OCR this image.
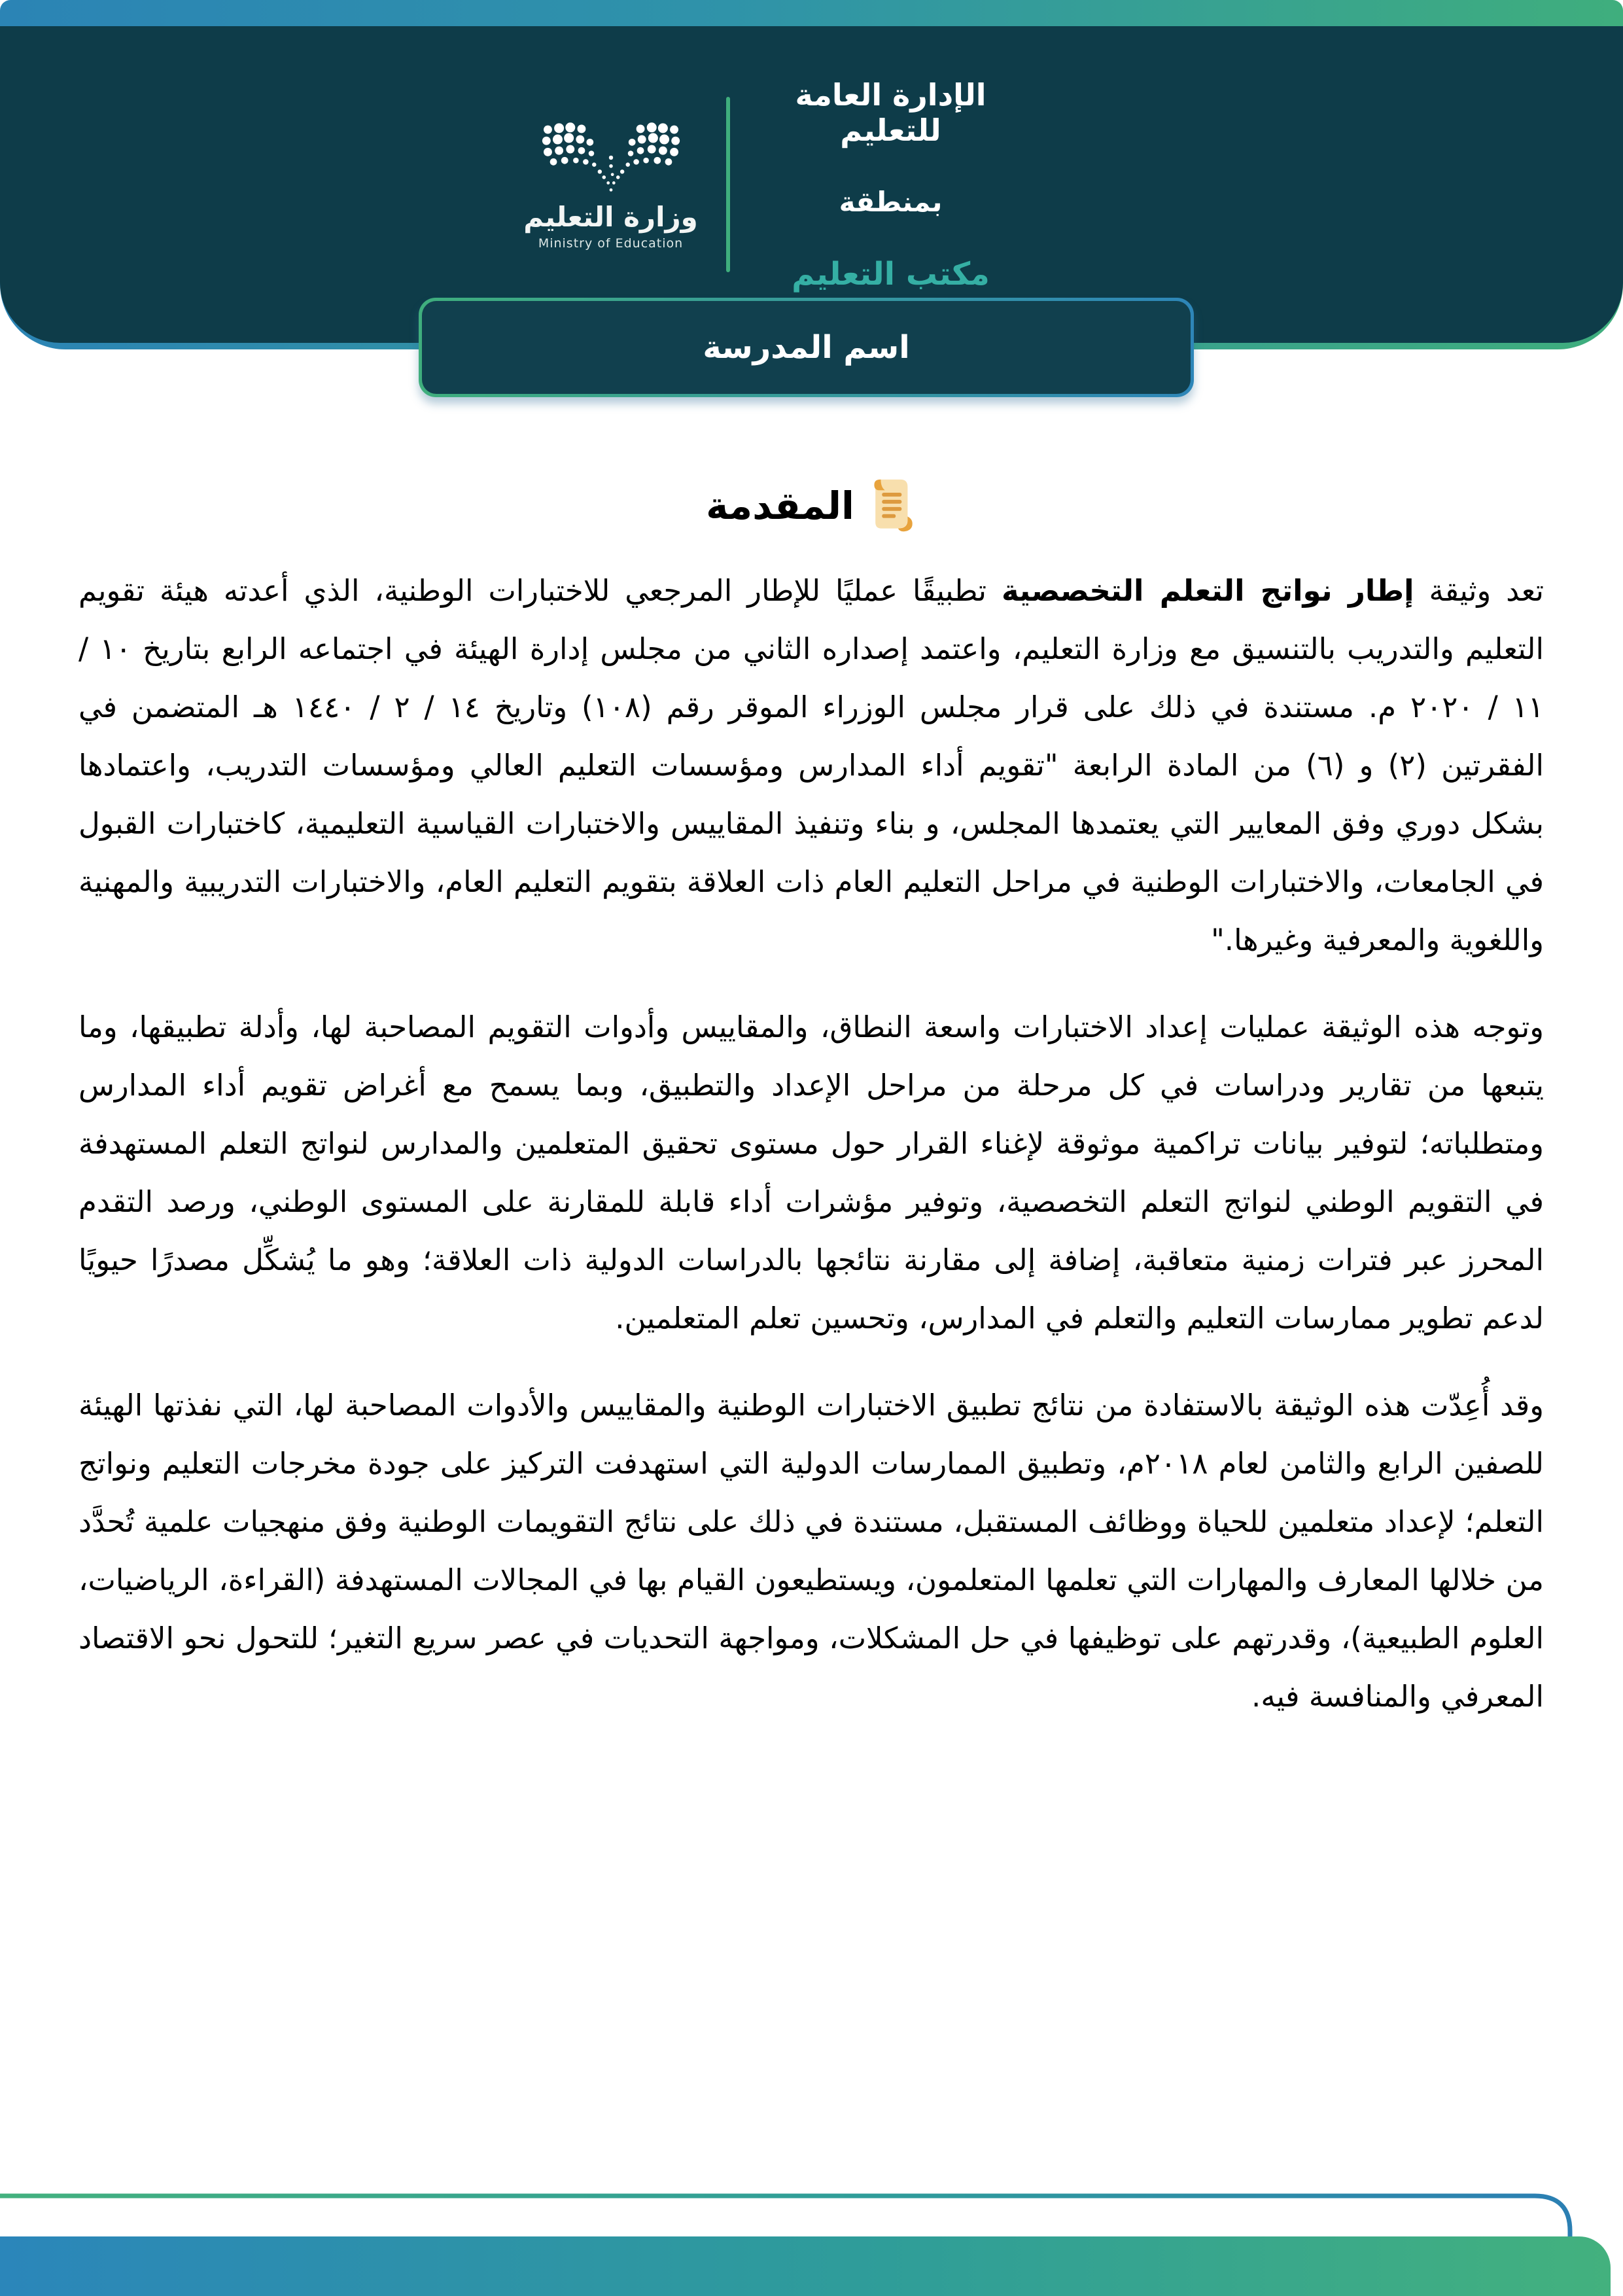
الإدارة العامة للتعليم
بمنطقة
مكتب التعليم
وزارة التعليم
Ministry of Education
اسم المدرسة
المقدمة

تعد وثيقة إطار نواتج التعلم التخصصية تطبيقًا عمليًا للإطار المرجعي للاختبارات الوطنية، الذي أعدته هيئة تقويم التعليم والتدريب بالتنسيق مع وزارة التعليم، واعتمد إصداره الثاني من مجلس إدارة الهيئة في اجتماعه الرابع بتاريخ ١٠ / ١١ / ٢٠٢٠ م. مستندة في ذلك على قرار مجلس الوزراء الموقر رقم (١٠٨) وتاريخ ١٤ / ٢ / ١٤٤٠ هـ المتضمن في الفقرتين (٢) و (٦) من المادة الرابعة "تقويم أداء المدارس ومؤسسات التعليم العالي ومؤسسات التدريب، واعتمادها بشكل دوري وفق المعايير التي يعتمدها المجلس، و بناء وتنفيذ المقاييس والاختبارات القياسية التعليمية، كاختبارات القبول في الجامعات، والاختبارات الوطنية في مراحل التعليم العام ذات العلاقة بتقويم التعليم العام، والاختبارات التدريبية والمهنية واللغوية والمعرفية وغيرها."

وتوجه هذه الوثيقة عمليات إعداد الاختبارات واسعة النطاق، والمقاييس وأدوات التقويم المصاحبة لها، وأدلة تطبيقها، وما يتبعها من تقارير ودراسات في كل مرحلة من مراحل الإعداد والتطبيق، وبما يسمح مع أغراض تقويم أداء المدارس ومتطلباته؛ لتوفير بيانات تراكمية موثوقة لإغناء القرار حول مستوى تحقيق المتعلمين والمدارس لنواتج التعلم المستهدفة في التقويم الوطني لنواتج التعلم التخصصية، وتوفير مؤشرات أداء قابلة للمقارنة على المستوى الوطني، ورصد التقدم المحرز عبر فترات زمنية متعاقبة، إضافة إلى مقارنة نتائجها بالدراسات الدولية ذات العلاقة؛ وهو ما يُشكِّل مصدرًا حيويًا لدعم تطوير ممارسات التعليم والتعلم في المدارس، وتحسين تعلم المتعلمين.

وقد أُعِدّت هذه الوثيقة بالاستفادة من نتائج تطبيق الاختبارات الوطنية والمقاييس والأدوات المصاحبة لها، التي نفذتها الهيئة للصفين الرابع والثامن لعام ٢٠١٨م، وتطبيق الممارسات الدولية التي استهدفت التركيز على جودة مخرجات التعليم ونواتج التعلم؛ لإعداد متعلمين للحياة ووظائف المستقبل، مستندة في ذلك على نتائج التقويمات الوطنية وفق منهجيات علمية تُحدَّد من خلالها المعارف والمهارات التي تعلمها المتعلمون، ويستطيعون القيام بها في المجالات المستهدفة (القراءة، الرياضيات، العلوم الطبيعية)، وقدرتهم على توظيفها في حل المشكلات، ومواجهة التحديات في عصر سريع التغير؛ للتحول نحو الاقتصاد المعرفي والمنافسة فيه.
